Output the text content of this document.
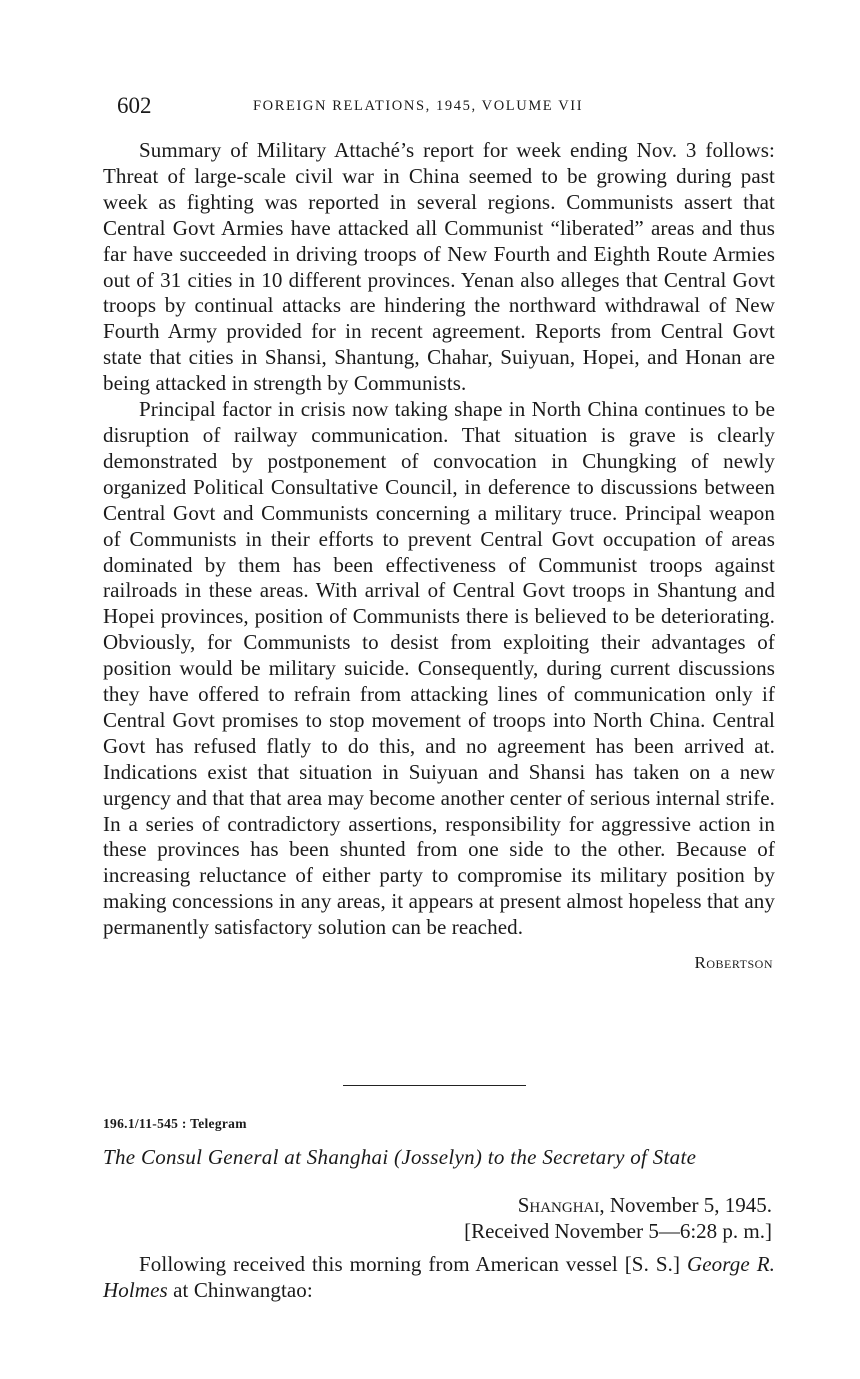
602	FOREIGN RELATIONS, 1945, VOLUME VII

Summary of Military Attaché’s report for week ending Nov. 3 follows: Threat of large-scale civil war in China seemed to be growing during past week as fighting was reported in several regions. Communists assert that Central Govt Armies have attacked all Communist “liberated” areas and thus far have succeeded in driving troops of New Fourth and Eighth Route Armies out of 31 cities in 10 different provinces. Yenan also alleges that Central Govt troops by continual attacks are hindering the northward withdrawal of New Fourth Army provided for in recent agreement. Reports from Central Govt state that cities in Shansi, Shantung, Chahar, Suiyuan, Hopei, and Honan are being attacked in strength by Communists.

Principal factor in crisis now taking shape in North China continues to be disruption of railway communication. That situation is grave is clearly demonstrated by postponement of convocation in Chungking of newly organized Political Consultative Council, in deference to discussions between Central Govt and Communists concerning a military truce. Principal weapon of Communists in their efforts to prevent Central Govt occupation of areas dominated by them has been effectiveness of Communist troops against railroads in these areas. With arrival of Central Govt troops in Shantung and Hopei provinces, position of Communists there is believed to be deteriorating. Obviously, for Communists to desist from exploiting their advantages of position would be military suicide. Consequently, during current discussions they have offered to refrain from attacking lines of communication only if Central Govt promises to stop movement of troops into North China. Central Govt has refused flatly to do this, and no agreement has been arrived at. Indications exist that situation in Suiyuan and Shansi has taken on a new urgency and that that area may become another center of serious internal strife. In a series of contradictory assertions, responsibility for aggressive action in these provinces has been shunted from one side to the other. Because of increasing reluctance of either party to compromise its military position by making concessions in any areas, it appears at present almost hopeless that any permanently satisfactory solution can be reached.

Robertson
196.1/11-545 : Telegram
The Consul General at Shanghai (Josselyn) to the Secretary of State
Shanghai, November 5, 1945.
[Received November 5—6:28 p. m.]

Following received this morning from American vessel [S. S.] George R. Holmes at Chinwangtao:
